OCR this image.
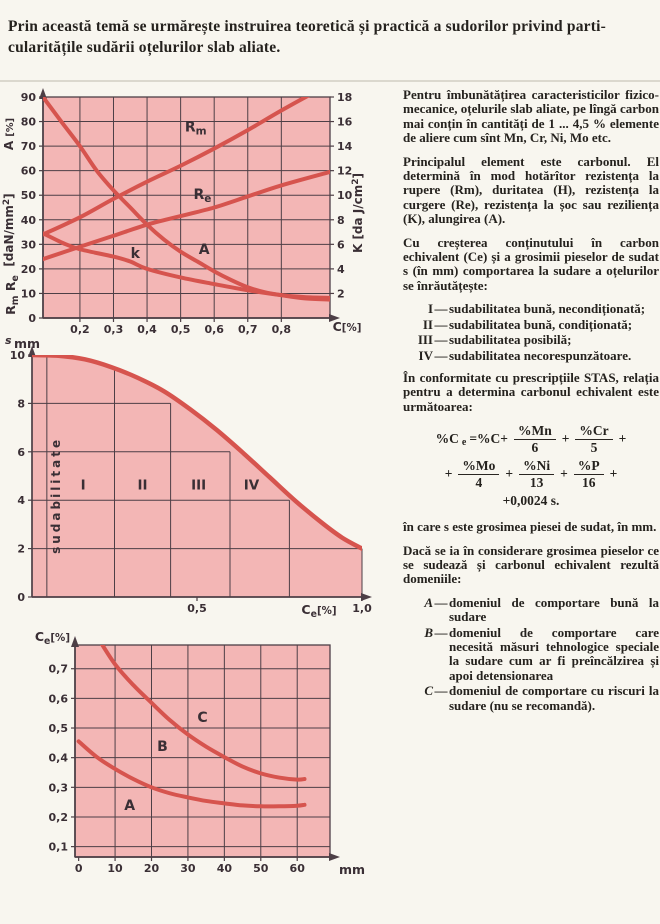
Prin această temă se urmărește instruirea teoretică și practică a sudorilor privind parti-
cularitățile sudării oțelurilor slab aliate.
0,2 0,3 0,4 0,5 0,6 0,7 0,8
0
10
20
30
40
50
60
70
80
90
2
4
6
8
10
12
14
16
18
A [%]
$[daN/mm^2]$
$R_m$ $R_e$
K [da $J/cm^2$]
C[%]
$R_m$
$R_e$
k	A
0,5	1,0
0
2
4
6
8
10
s mm
$C_e[\%]$
I	II	III	IV
sudabilitate
0 10 20 30 40 50 60
0,1
0,2
0,3
0,4
0,5
0,6
0,7
$C_e[\%]$
mm
C
B
A

Pentru îmbunătățirea caracteristicilor fizico-mecanice, oțelurile slab aliate, pe lîngă carbon mai conțin în cantități de 1 ... 4,5 % elemente de aliere cum sînt Mn, Cr, Ni, Mo etc.

Principalul element este carbonul. El determină în mod hotărîtor rezistența la rupere (Rm), duritatea (H), rezistența la curgere (Re), rezistența la șoc sau reziliența (K), alungirea (A).

Cu creșterea conținutului în carbon echivalent (Ce) și a grosimii pieselor de sudat s (în mm) comportarea la sudare a oțelurilor se înrăutățește:

I — sudabilitatea bună, necondiționată;
II — sudabilitatea bună, condiționată;
III — sudabilitatea posibilă;
IV — sudabilitatea necorespunzătoare.

În conformitate cu prescripțiile STAS, relația pentru a determina carbonul echivalent este următoarea:

%C $e =\%C+ \frac{\%Mn}{6} + \frac{\%Cr}{5}$ +
+ $\frac{\%Mo}{4} + \frac{\%Ni}{13} + \frac{\%P}{16}$ +
+0,0024 s.

în care s este grosimea piesei de sudat, în mm.

Dacă se ia în considerare grosimea pieselor ce se sudează și carbonul echivalent rezultă domeniile:

A — domeniul de comportare bună la sudare
B — domeniul de comportare care necesită măsuri tehnologice speciale la sudare cum ar fi preîncălzirea și apoi detensionarea
C — domeniul de comportare cu riscuri la sudare (nu se recomandă).
